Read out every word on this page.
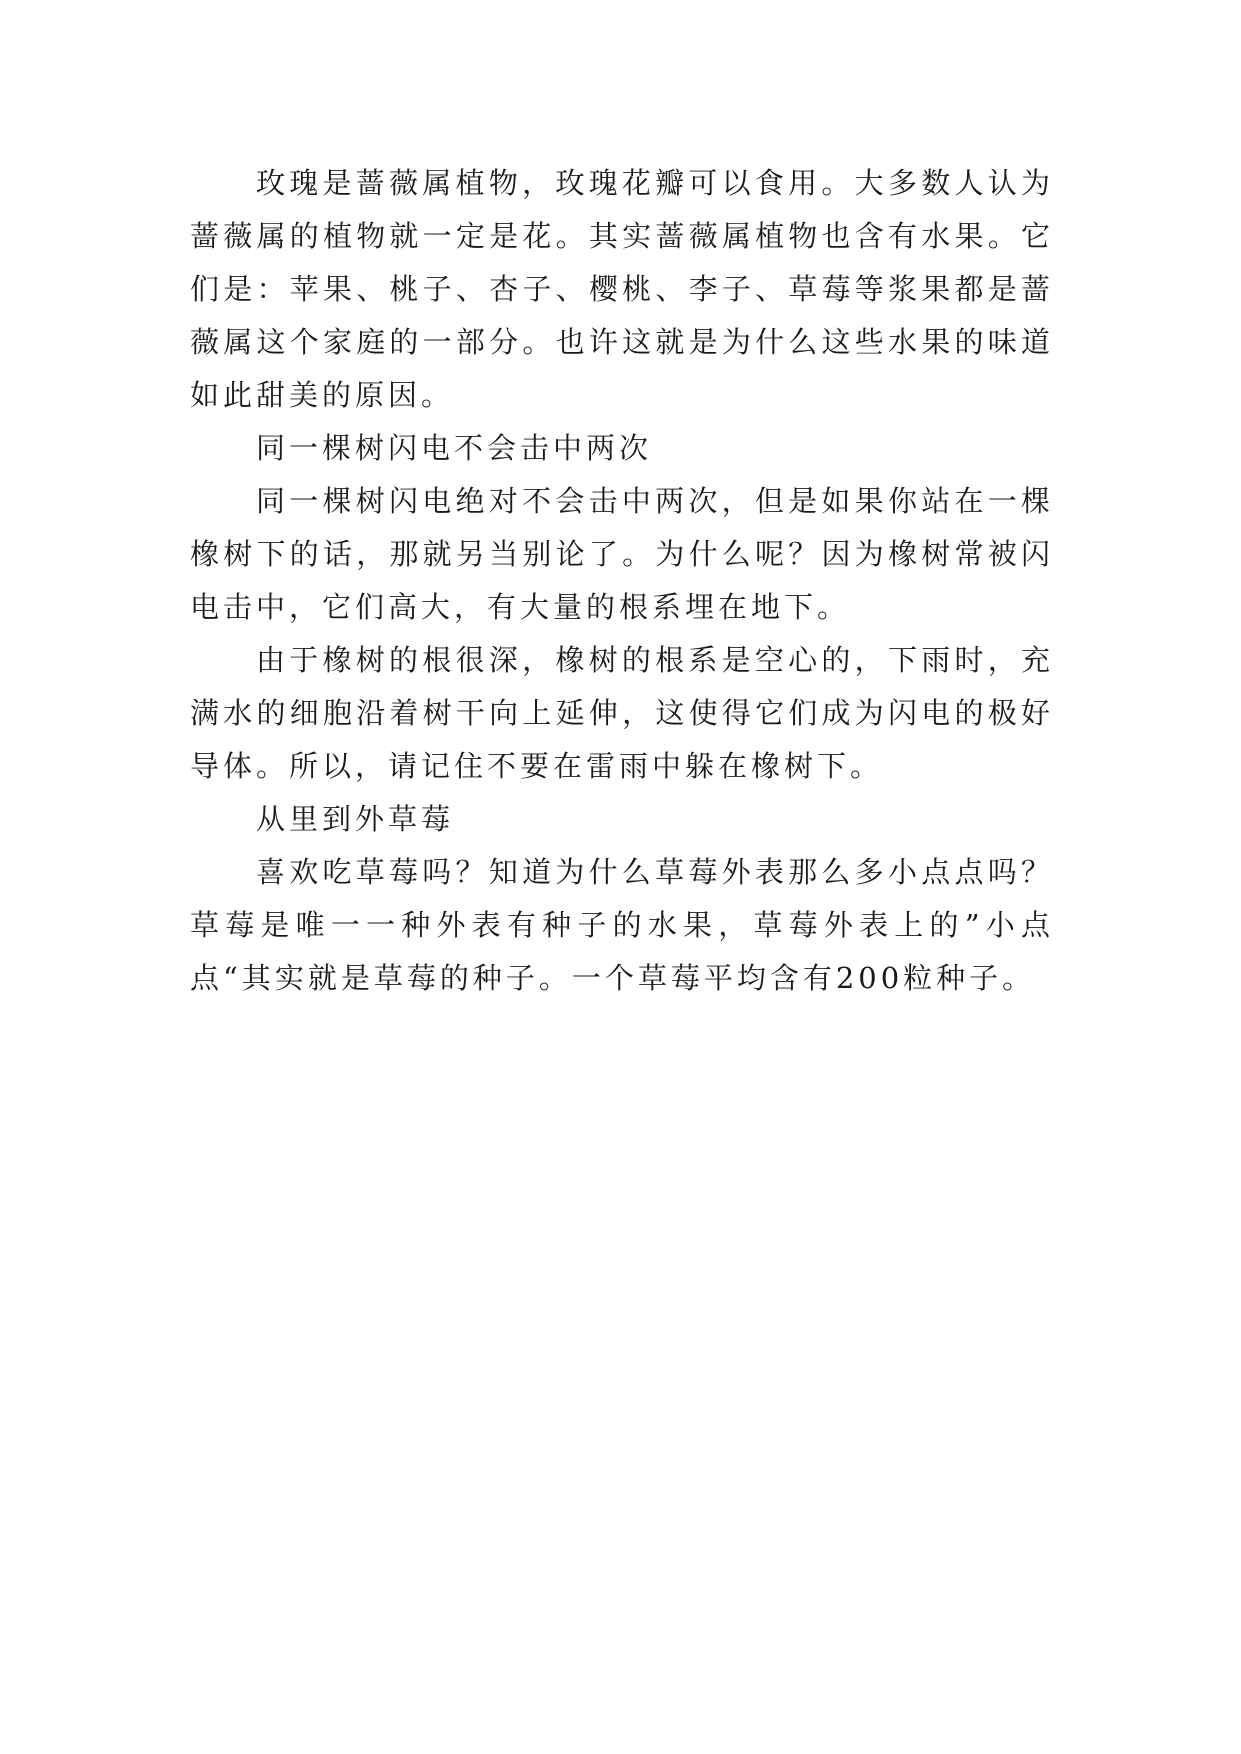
玫瑰是蔷薇属植物，玫瑰花瓣可以食用。大多数人认为蔷薇属的植物就一定是花。其实蔷薇属植物也含有水果。它们是：苹果、桃子、杏子、樱桃、李子、草莓等浆果都是蔷薇属这个家庭的一部分。也许这就是为什么这些水果的味道如此甜美的原因。

同一棵树闪电不会击中两次

同一棵树闪电绝对不会击中两次，但是如果你站在一棵橡树下的话，那就另当别论了。为什么呢？因为橡树常被闪电击中，它们高大，有大量的根系埋在地下。

由于橡树的根很深，橡树的根系是空心的，下雨时，充满水的细胞沿着树干向上延伸，这使得它们成为闪电的极好导体。所以，请记住不要在雷雨中躲在橡树下。

从里到外草莓

喜欢吃草莓吗？知道为什么草莓外表那么多小点点吗？草莓是唯一一种外表有种子的水果，草莓外表上的”小点点“其实就是草莓的种子。一个草莓平均含有200粒种子。
